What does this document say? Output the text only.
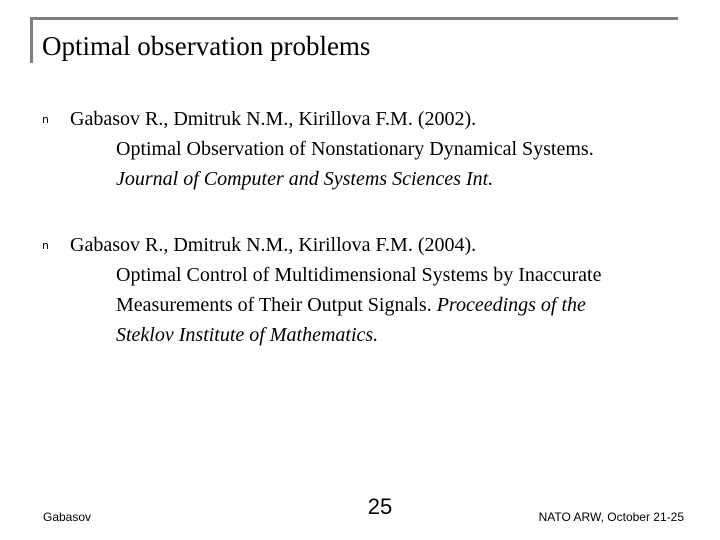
Optimal observation problems
n Gabasov R., Dmitruk N.M., Kirillova F.M. (2002).
Optimal Observation of Nonstationary Dynamical Systems.
Journal of Computer and Systems Sciences Int.
n Gabasov R., Dmitruk N.M., Kirillova F.M. (2004).
Optimal Control of Multidimensional Systems by Inaccurate
Measurements of Their Output Signals. Proceedings of the
Steklov Institute of Mathematics.
Gabasov	25	NATO ARW, October 21-25
